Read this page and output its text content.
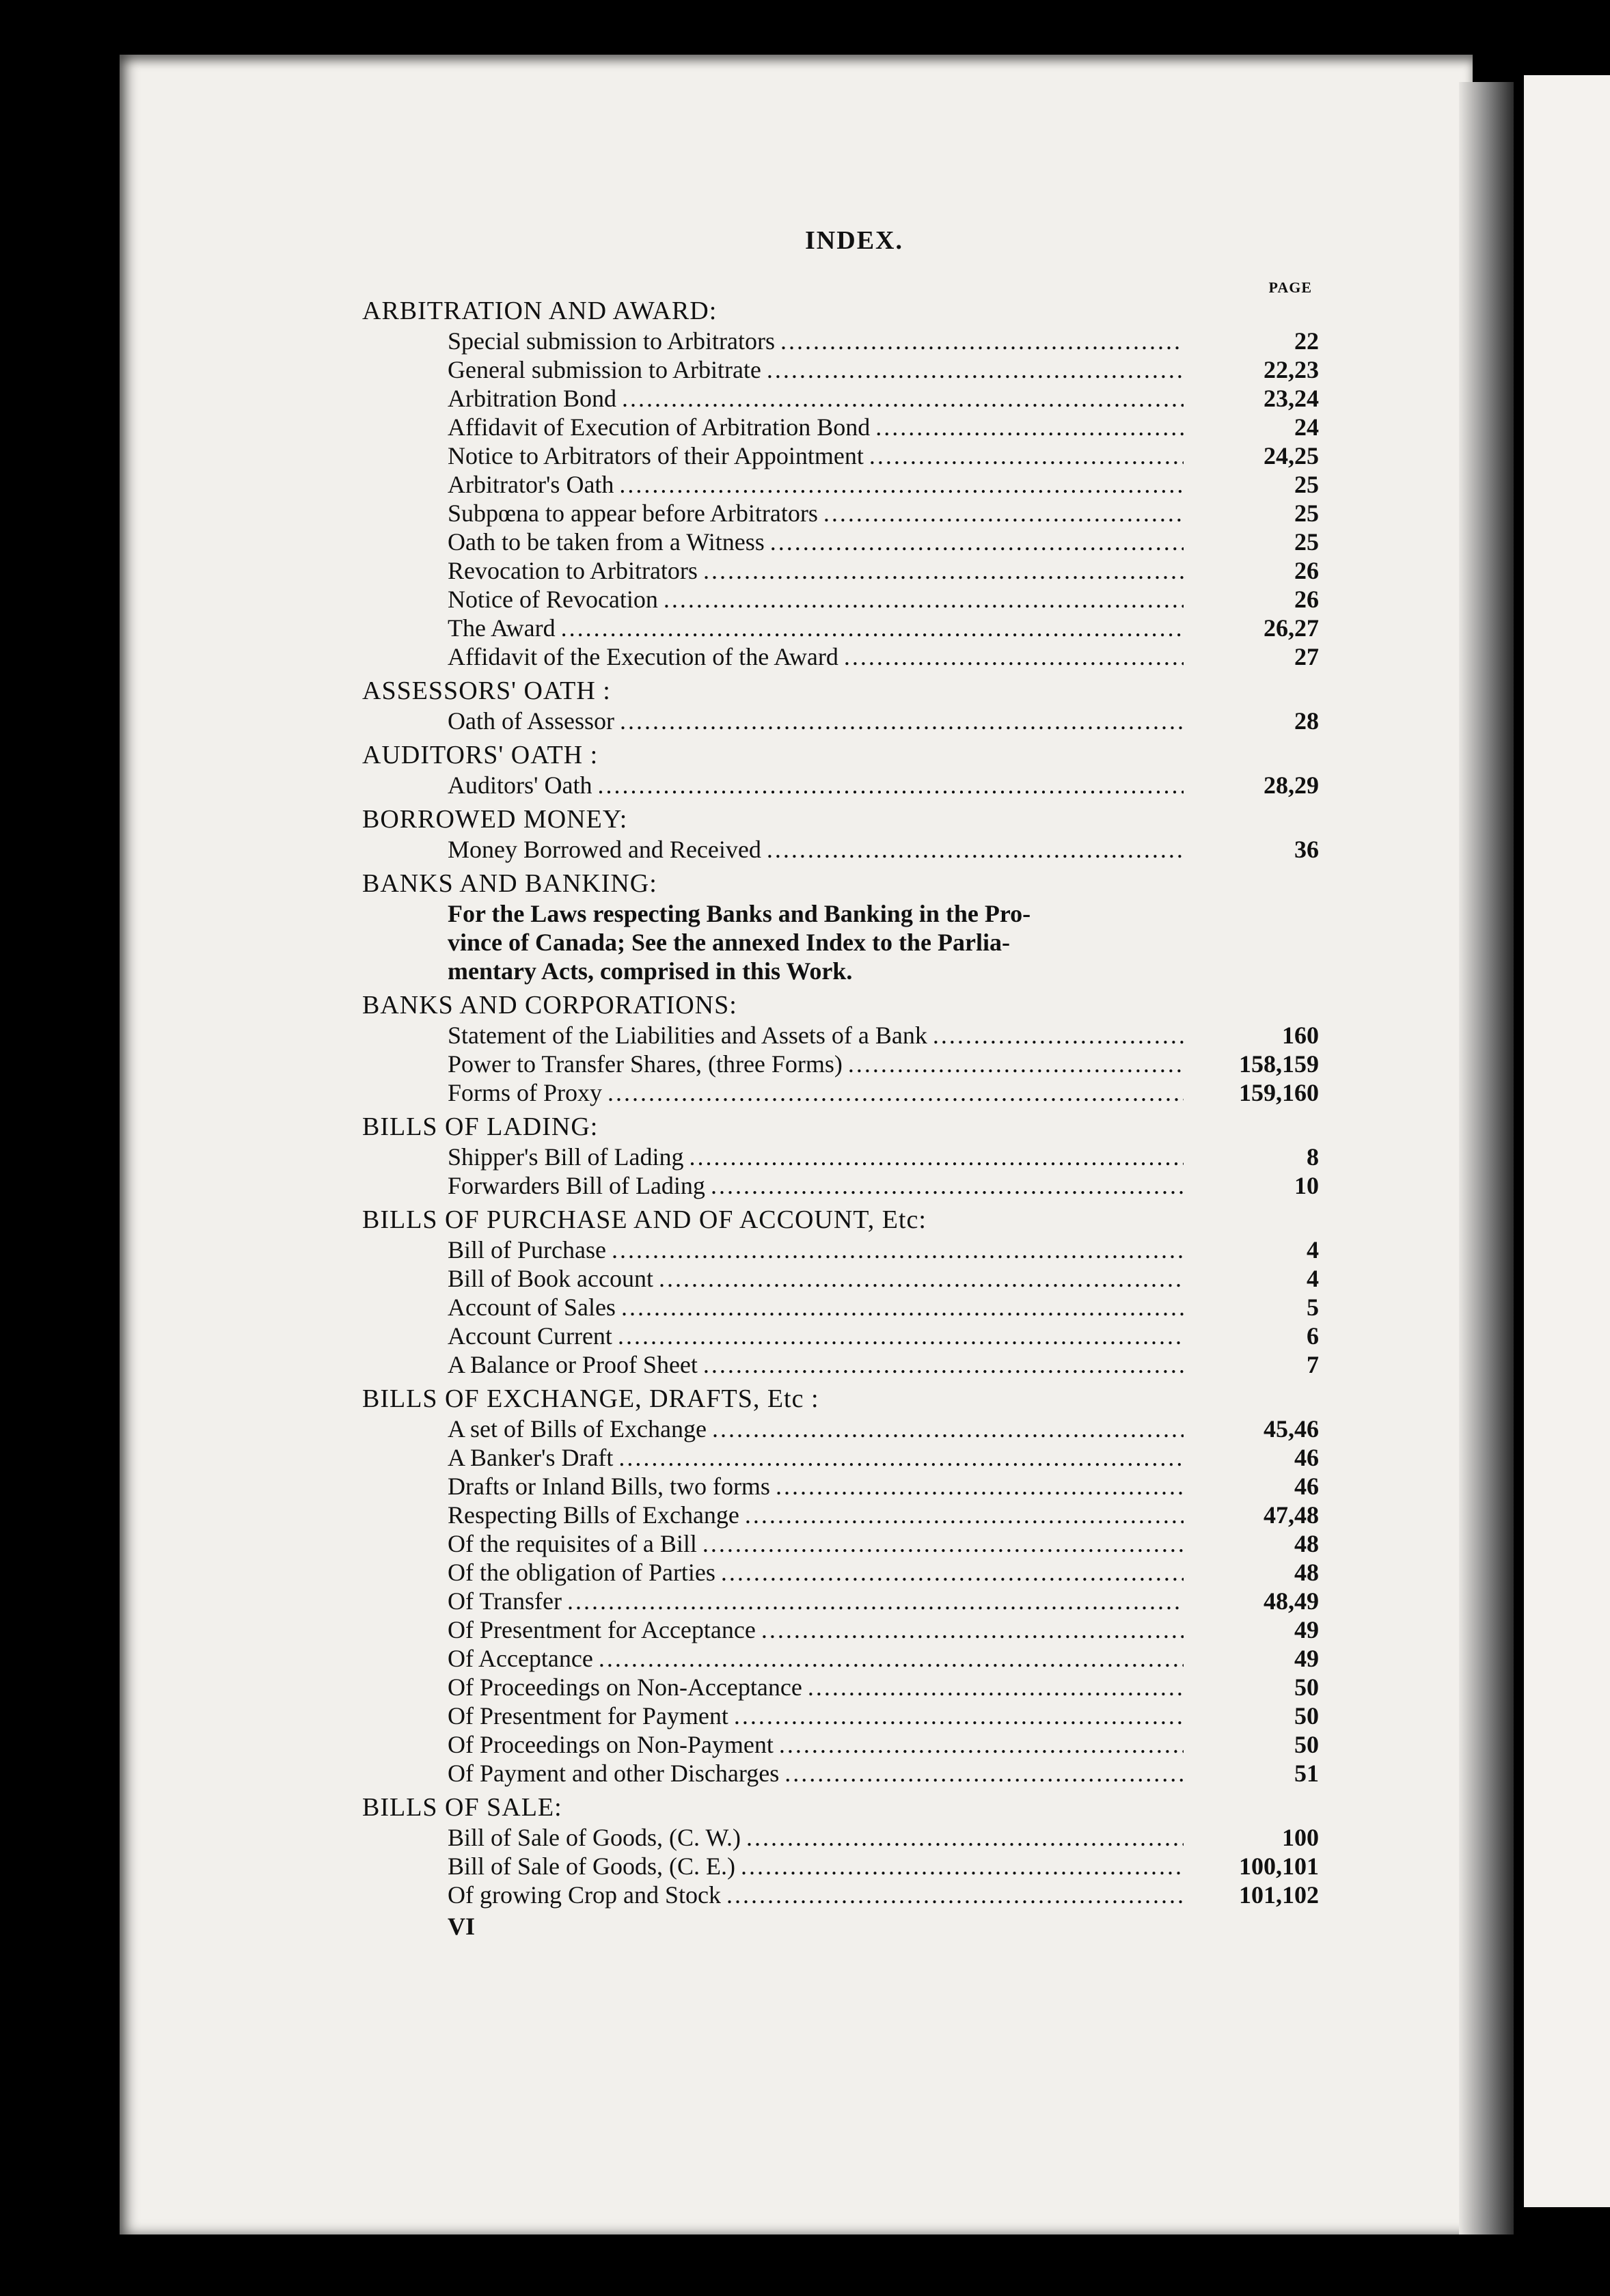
INDEX.
PAGE
ARBITRATION AND AWARD:
Special submission to Arbitrators .....	22
General submission to Arbitrate .....	22,23
Arbitration Bond .....	23,24
Affidavit of Execution of Arbitration Bond .....	24
Notice to Arbitrators of their Appointment .....	24,25
Arbitrator's Oath .....	25
Subpœna to appear before Arbitrators .....	25
Oath to be taken from a Witness .....	25
Revocation to Arbitrators .....	26
Notice of Revocation .....	26
The Award .....	26,27
Affidavit of the Execution of the Award .....	27
ASSESSORS' OATH :
Oath of Assessor .....	28
AUDITORS' OATH :
Auditors' Oath .....	28,29
BORROWED MONEY:
Money Borrowed and Received .....	36
BANKS AND BANKING:
For the Laws respecting Banks and Banking in the Pro-
vince of Canada; See the annexed Index to the Parlia-
mentary Acts, comprised in this Work.
BANKS AND CORPORATIONS:
Statement of the Liabilities and Assets of a Bank .....	160
Power to Transfer Shares, (three Forms) .....	158,159
Forms of Proxy .....	159,160
BILLS OF LADING:
Shipper's Bill of Lading .....	8
Forwarders Bill of Lading .....	10
BILLS OF PURCHASE AND OF ACCOUNT, Etc:
Bill of Purchase .....	4
Bill of Book account .....	4
Account of Sales .....	5
Account Current .....	6
A Balance or Proof Sheet .....	7
BILLS OF EXCHANGE, DRAFTS, Etc :
A set of Bills of Exchange .....	45,46
A Banker's Draft .....	46
Drafts or Inland Bills, two forms .....	46
Respecting Bills of Exchange .....	47,48
Of the requisites of a Bill .....	48
Of the obligation of Parties .....	48
Of Transfer .....	48,49
Of Presentment for Acceptance .....	49
Of Acceptance .....	49
Of Proceedings on Non-Acceptance .....	50
Of Presentment for Payment .....	50
Of Proceedings on Non-Payment .....	50
Of Payment and other Discharges .....	51
BILLS OF SALE:
Bill of Sale of Goods, (C. W.) .....	100
Bill of Sale of Goods, (C. E.) .....	100,101
Of growing Crop and Stock .....	101,102
VI
